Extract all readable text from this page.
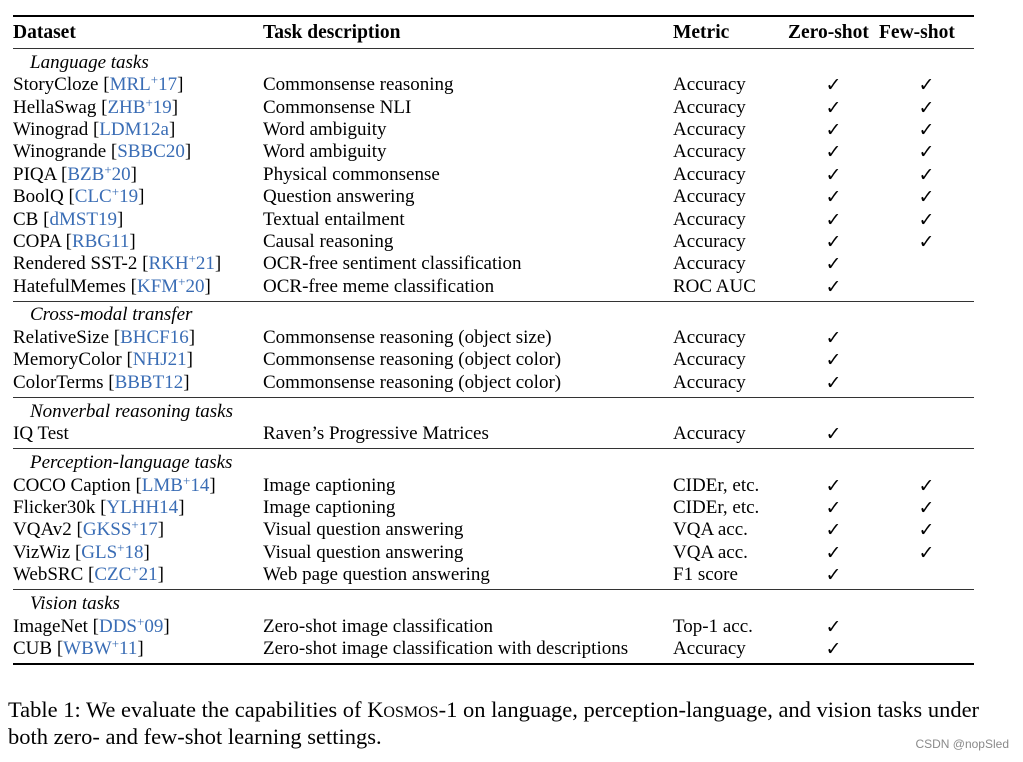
Dataset	Task description	Metric	Zero-shot Few-shot
Language tasks
StoryCloze [MRL+17]	Commonsense reasoning	Accuracy	✓	✓
HellaSwag [ZHB+19]	Commonsense NLI	Accuracy	✓	✓
Winograd [LDM12a]	Word ambiguity	Accuracy	✓	✓
Winogrande [SBBC20]	Word ambiguity	Accuracy	✓	✓
PIQA [BZB+20]	Physical commonsense	Accuracy	✓	✓
BoolQ [CLC+19]	Question answering	Accuracy	✓	✓
CB [dMST19]	Textual entailment	Accuracy	✓	✓
COPA [RBG11]	Causal reasoning	Accuracy	✓	✓
Rendered SST-2 [RKH+21]	OCR-free sentiment classification	Accuracy	✓
HatefulMemes [KFM+20]	OCR-free meme classification	ROC AUC	✓
Cross-modal transfer
RelativeSize [BHCF16]	Commonsense reasoning (object size)	Accuracy	✓
MemoryColor [NHJ21]	Commonsense reasoning (object color)	Accuracy	✓
ColorTerms [BBBT12]	Commonsense reasoning (object color)	Accuracy	✓
Nonverbal reasoning tasks
IQ Test	Raven’s Progressive Matrices	Accuracy	✓
Perception-language tasks
COCO Caption [LMB+14]	Image captioning	CIDEr, etc.	✓	✓
Flicker30k [YLHH14]	Image captioning	CIDEr, etc.	✓	✓
VQAv2 [GKSS+17]	Visual question answering	VQA acc.	✓	✓
VizWiz [GLS+18]	Visual question answering	VQA acc.	✓	✓
WebSRC [CZC+21]	Web page question answering	F1 score	✓
Vision tasks
ImageNet [DDS+09]	Zero-shot image classification	Top-1 acc.	✓
CUB [WBW+11]	Zero-shot image classification with descriptions	Accuracy	✓
Table 1: We evaluate the capabilities of Kosmos-1 on language, perception-language, and vision tasks under both zero- and few-shot learning settings.	CSDN @nopSled
